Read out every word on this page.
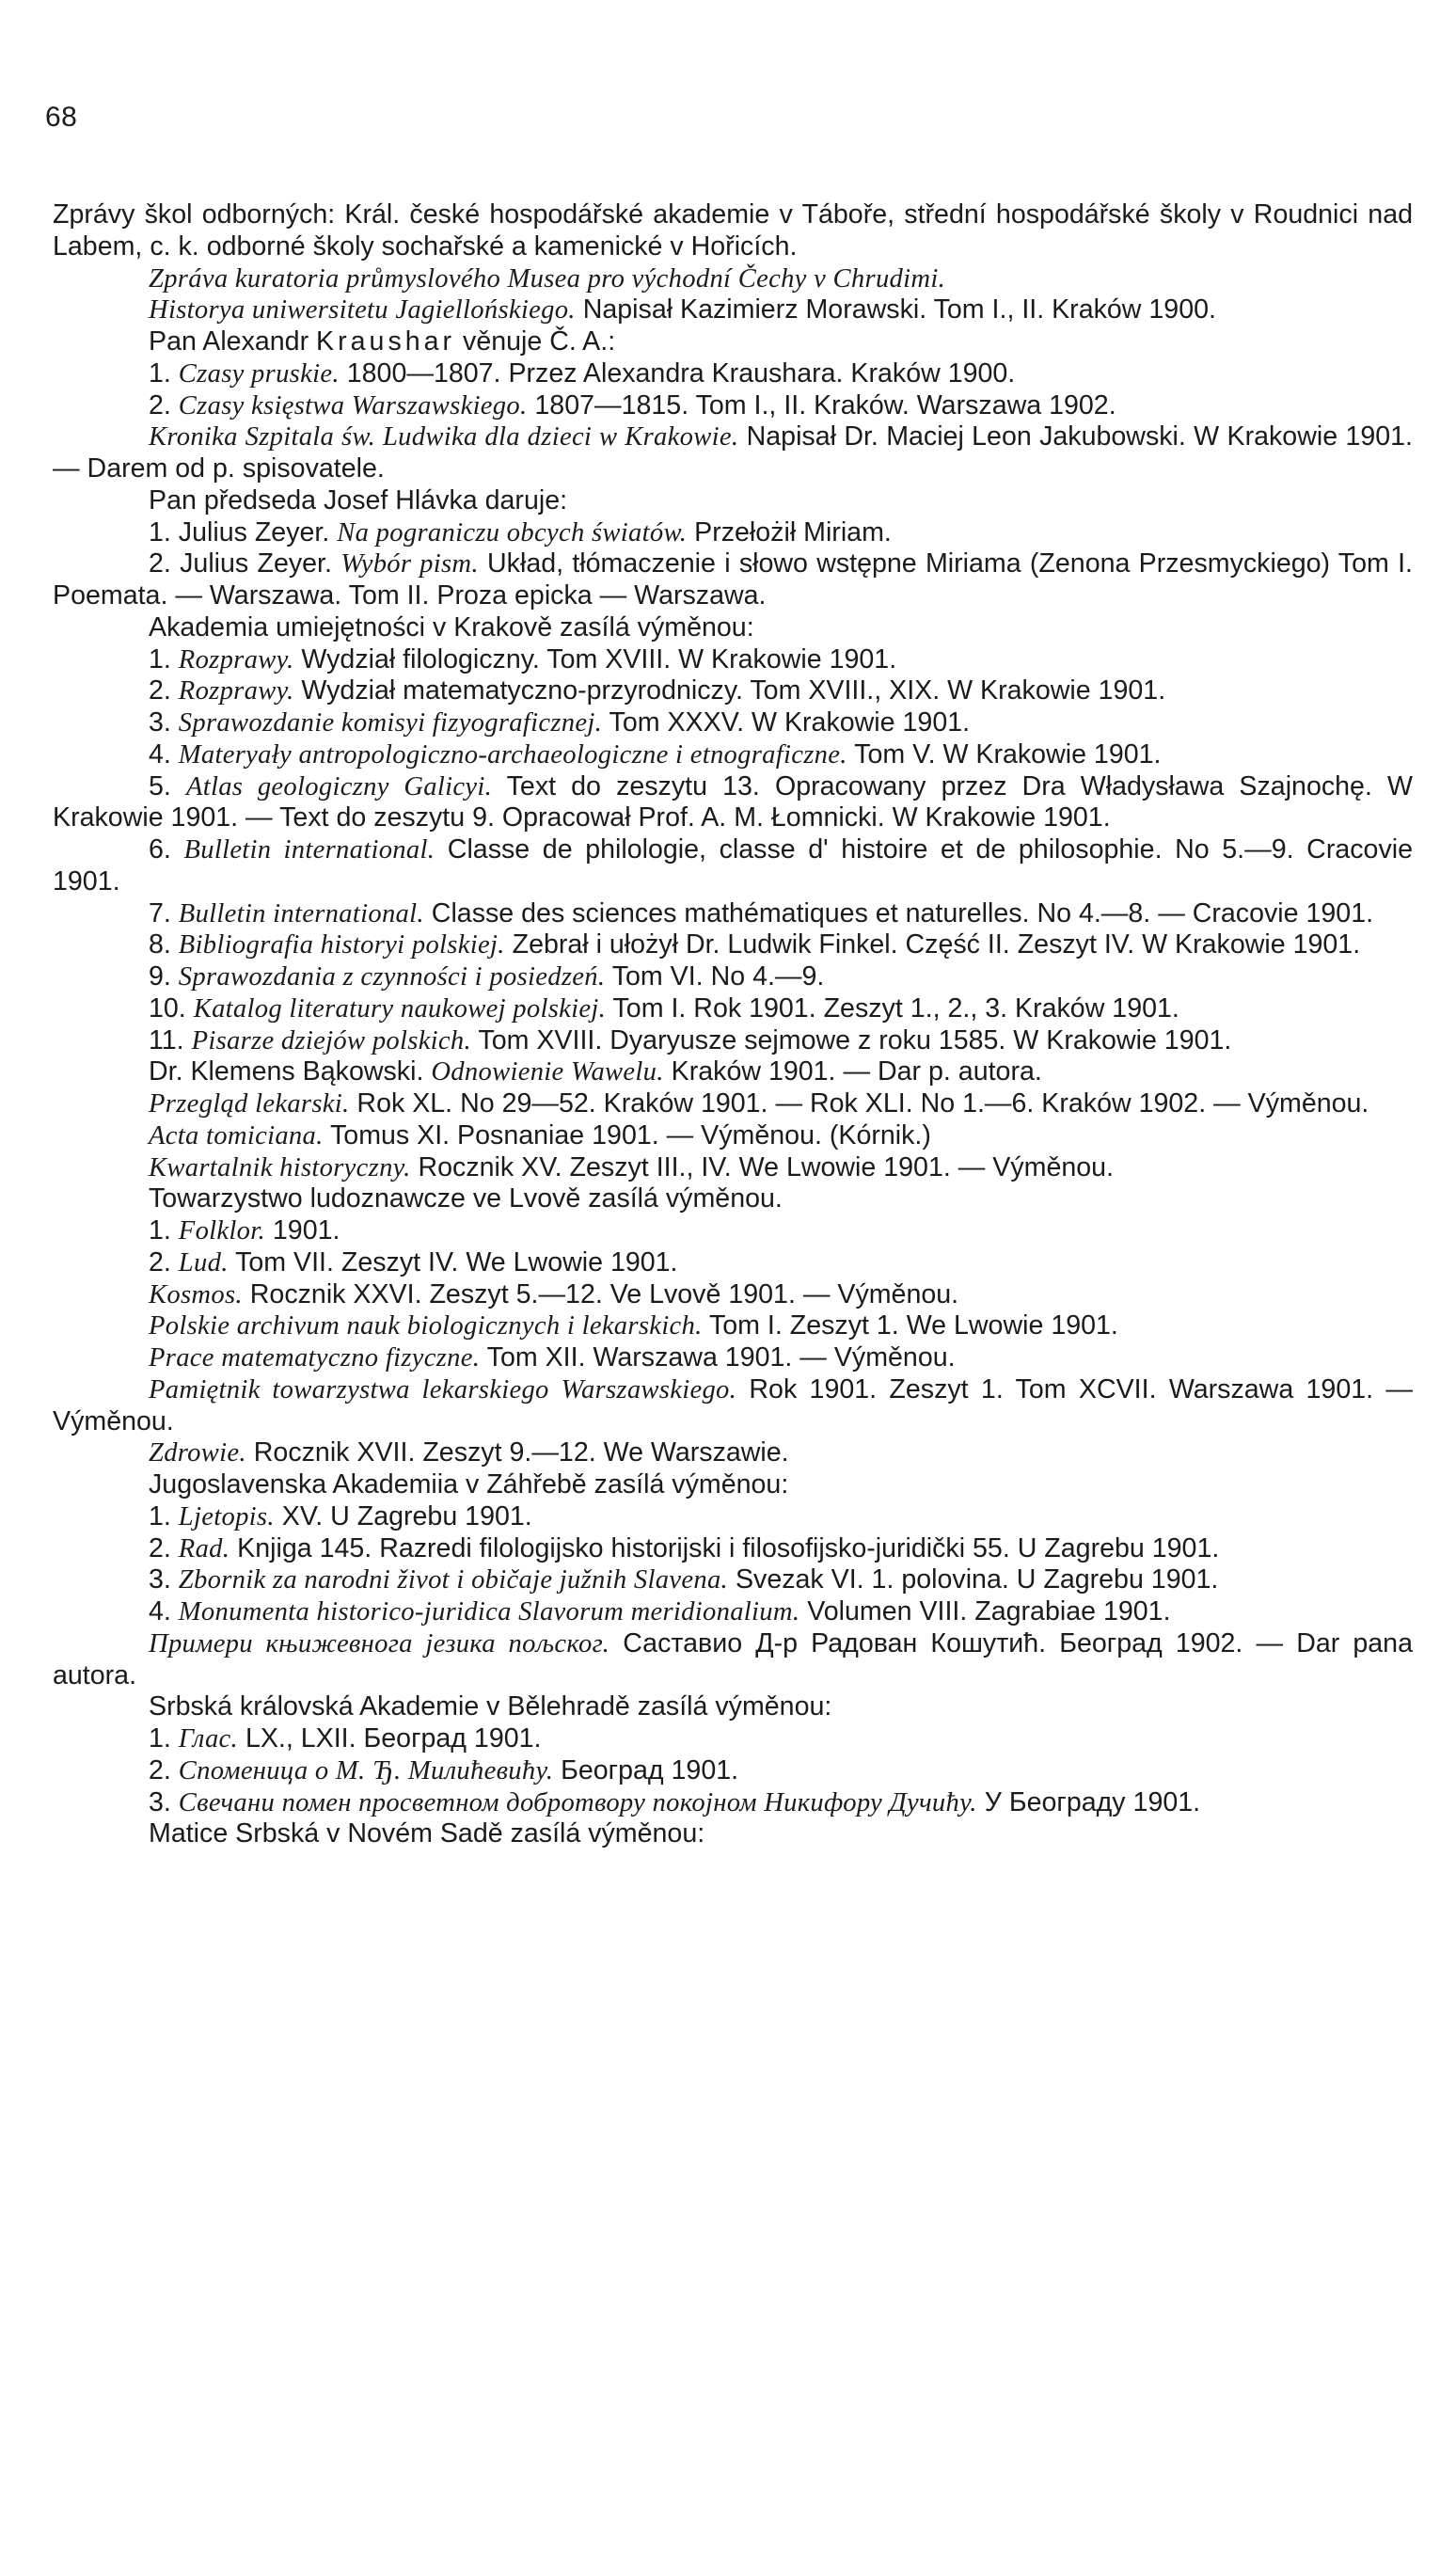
68

Zprávy škol odborných: Král. české hospodářské akademie v Táboře, střední hospodářské školy v Roudnici nad Labem, c. k. odborné školy sochařské a kamenické v Hořicích.

Zpráva kuratoria průmyslového Musea pro východní Čechy v Chrudimi.

Historya uniwersitetu Jagiellońskiego. Napisał Kazimierz Morawski. Tom I., II. Kraków 1900.

Pan Alexandr Kraushar věnuje Č. A.:

1. Czasy pruskie. 1800—1807. Przez Alexandra Kraushara. Kraków 1900.

2. Czasy księstwa Warszawskiego. 1807—1815. Tom I., II. Kraków. Warszawa 1902.

Kronika Szpitala św. Ludwika dla dzieci w Krakowie. Napisał Dr. Maciej Leon Jakubowski. W Krakowie 1901. — Darem od p. spisovatele.

Pan předseda Josef Hlávka daruje:

1. Julius Zeyer. Na pograniczu obcych światów. Przełożił Miriam.

2. Julius Zeyer. Wybór pism. Układ, tłómaczenie i słowo wstępne Miriama (Zenona Przesmyckiego) Tom I. Poemata. — Warszawa. Tom II. Proza epicka — Warszawa.

Akademia umiejętności v Krakově zasílá výměnou:

1. Rozprawy. Wydział filologiczny. Tom XVIII. W Krakowie 1901.

2. Rozprawy. Wydział matematyczno-przyrodniczy. Tom XVIII., XIX. W Krakowie 1901.

3. Sprawozdanie komisyi fizyograficznej. Tom XXXV. W Krakowie 1901.

4. Materyały antropologiczno-archaeologiczne i etnograficzne. Tom V. W Krakowie 1901.

5. Atlas geologiczny Galicyi. Text do zeszytu 13. Opracowany przez Dra Władysława Szajnochę. W Krakowie 1901. — Text do zeszytu 9. Opracował Prof. A. M. Łomnicki. W Krakowie 1901.

6. Bulletin international. Classe de philologie, classe d' histoire et de philosophie. No 5.—9. Cracovie 1901.

7. Bulletin international. Classe des sciences mathématiques et naturelles. No 4.—8. — Cracovie 1901.

8. Bibliografia historyi polskiej. Zebrał i ułożył Dr. Ludwik Finkel. Część II. Zeszyt IV. W Krakowie 1901.

9. Sprawozdania z czynności i posiedzeń. Tom VI. No 4.—9.

10. Katalog literatury naukowej polskiej. Tom I. Rok 1901. Zeszyt 1., 2., 3. Kraków 1901.

11. Pisarze dziejów polskich. Tom XVIII. Dyaryusze sejmowe z roku 1585. W Krakowie 1901.

Dr. Klemens Bąkowski. Odnowienie Wawelu. Kraków 1901. — Dar p. autora.

Przegląd lekarski. Rok XL. No 29—52. Kraków 1901. — Rok XLI. No 1.—6. Kraków 1902. — Výměnou.

Acta tomiciana. Tomus XI. Posnaniae 1901. — Výměnou. (Kórnik.)

Kwartalnik historyczny. Rocznik XV. Zeszyt III., IV. We Lwowie 1901. — Výměnou.

Towarzystwo ludoznawcze ve Lvově zasílá výměnou.

1. Folklor. 1901.

2. Lud. Tom VII. Zeszyt IV. We Lwowie 1901.

Kosmos. Rocznik XXVI. Zeszyt 5.—12. Ve Lvově 1901. — Výměnou.

Polskie archivum nauk biologicznych i lekarskich. Tom I. Zeszyt 1. We Lwowie 1901.

Prace matematyczno fizyczne. Tom XII. Warszawa 1901. — Výměnou.

Pamiętnik towarzystwa lekarskiego Warszawskiego. Rok 1901. Zeszyt 1. Tom XCVII. Warszawa 1901. — Výměnou.

Zdrowie. Rocznik XVII. Zeszyt 9.—12. We Warszawie.

Jugoslavenska Akademiia v Záhřebě zasílá výměnou:

1. Ljetopis. XV. U Zagrebu 1901.

2. Rad. Knjiga 145. Razredi filologijsko historijski i filosofijsko-juridički 55. U Zagrebu 1901.

3. Zbornik za narodni život i običaje južnih Slavena. Svezak VI. 1. polovina. U Zagrebu 1901.

4. Monumenta historico-juridica Slavorum meridionalium. Volumen VIII. Zagrabiae 1901.

Примери књижевнога језика пољског. Саставио Д-р Радован Кошутић. Београд 1902. — Dar pana autora.

Srbská královská Akademie v Bělehradě zasílá výměnou:

1. Глас. LX., LXII. Београд 1901.

2. Споменица о М. Ђ. Милићевићу. Београд 1901.

3. Свечани помен просветном добротвору покојном Никифору Дучићу. У Београду 1901.

Matice Srbská v Novém Sadě zasílá výměnou:
